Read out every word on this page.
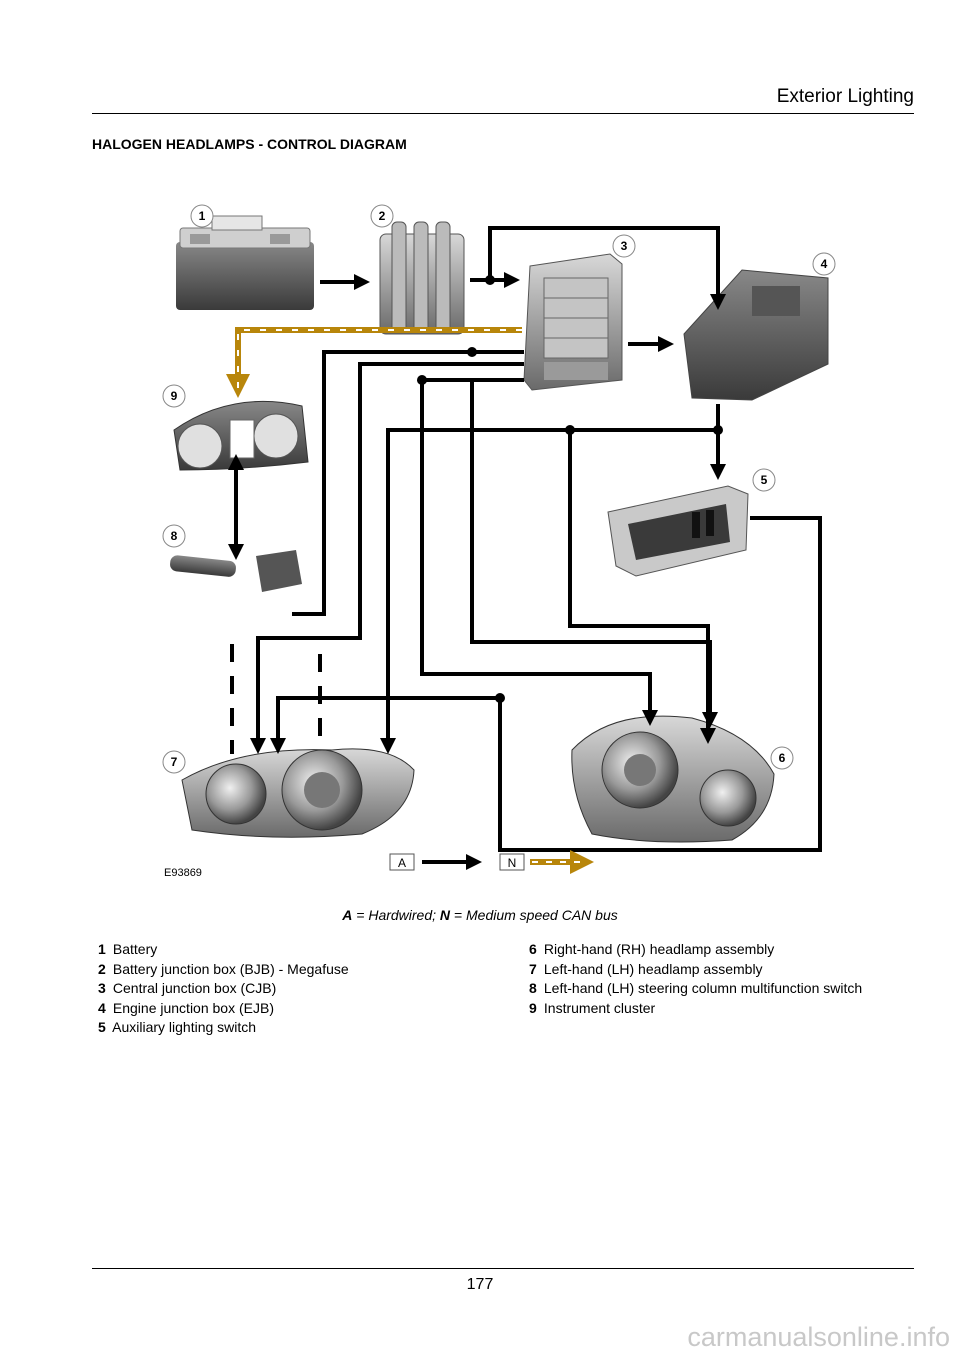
Exterior Lighting
HALOGEN HEADLAMPS - CONTROL DIAGRAM
1	2
3
4
5
6
7
8
9
A	N
E93869
A = Hardwired; N = Medium speed CAN bus
1 Battery
2 Battery junction box (BJB) - Megafuse
3 Central junction box (CJB)
4 Engine junction box (EJB)
5 Auxiliary lighting switch
6 Right-hand (RH) headlamp assembly
7 Left-hand (LH) headlamp assembly
8 Left-hand (LH) steering column multifunction switch
9 Instrument cluster
177
carmanualsonline.info
